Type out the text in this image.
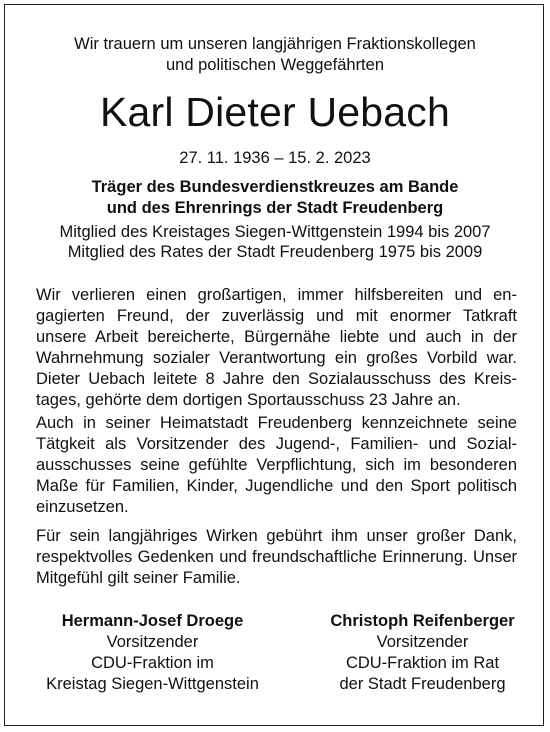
Wir trauern um unseren langjährigen Fraktionskollegen
und politischen Weggefährten
Karl Dieter Uebach
27. 11. 1936 – 15. 2. 2023
Träger des Bundesverdienstkreuzes am Bande
und des Ehrenrings der Stadt Freudenberg
Mitglied des Kreistages Siegen-Wittgenstein 1994 bis 2007
Mitglied des Rates der Stadt Freudenberg 1975 bis 2009
Wir verlieren einen großartigen, immer hilfsbereiten und engagierten Freund, der zuverlässig und mit enormer Tatkraft unsere Arbeit bereicherte, Bürgernähe liebte und auch in der Wahrnehmung sozialer Verantwortung ein großes Vorbild war. Dieter Uebach leitete 8 Jahre den Sozialausschuss des Kreistages, gehörte dem dortigen Sportausschuss 23 Jahre an.
Auch in seiner Heimatstadt Freudenberg kennzeichnete seine Tätgkeit als Vorsitzender des Jugend-, Familien- und Sozialausschusses seine gefühlte Verpflichtung, sich im besonderen Maße für Familien, Kinder, Jugendliche und den Sport politisch einzusetzen.
Für sein langjähriges Wirken gebührt ihm unser großer Dank, respektvolles Gedenken und freundschaftliche Erinnerung. Unser Mitgefühl gilt seiner Familie.
Hermann-Josef Droege
Vorsitzender
CDU-Fraktion im
Kreistag Siegen-Wittgenstein
Christoph Reifenberger
Vorsitzender
CDU-Fraktion im Rat
der Stadt Freudenberg
